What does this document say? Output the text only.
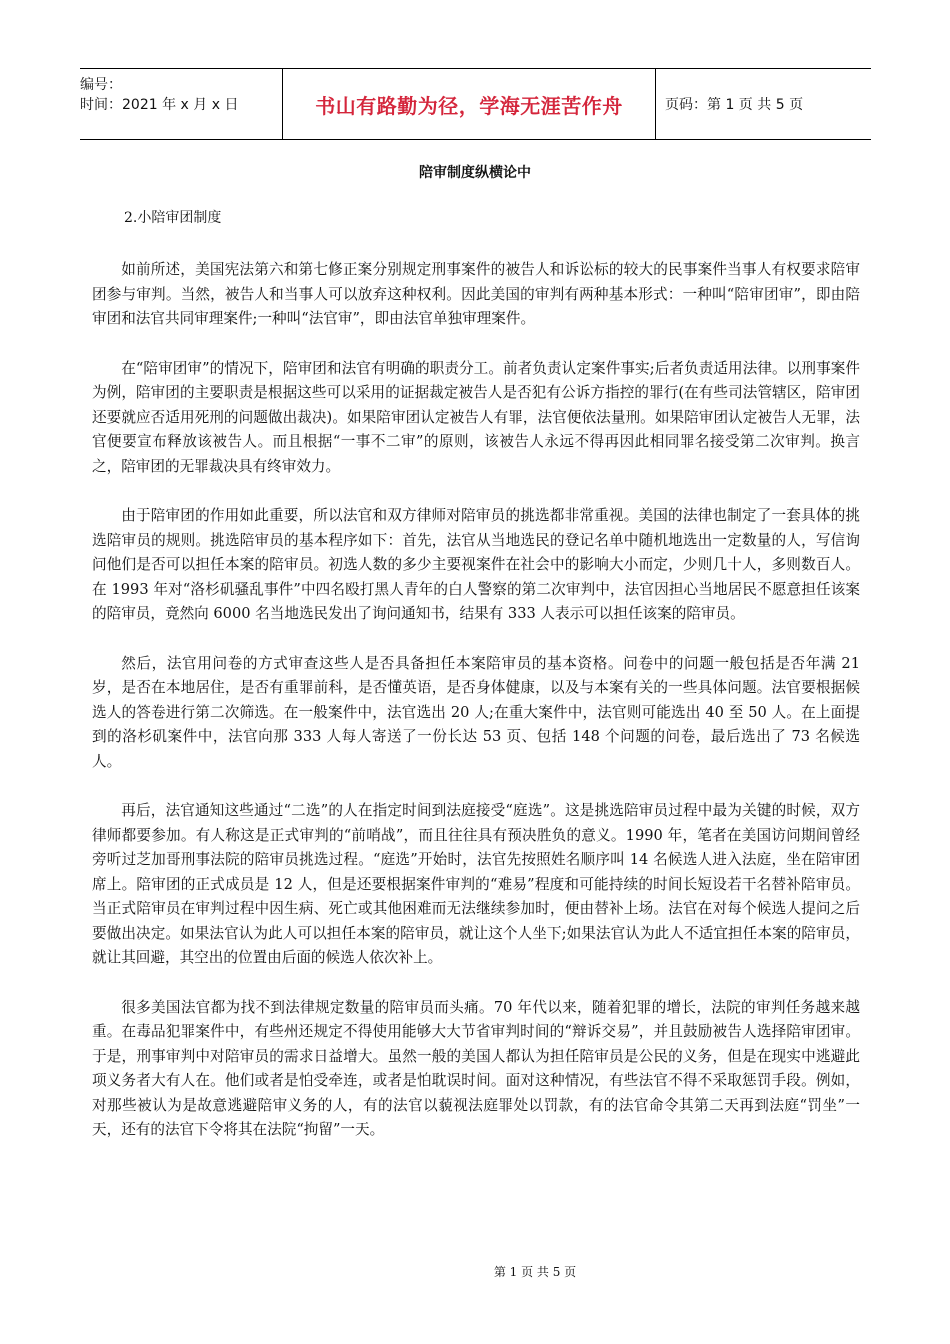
编号：
时间：2021 年 x 月 x 日	书山有路勤为径，学海无涯苦作舟	页码：第 1 页 共 5 页
陪审制度纵横论中
2.小陪审团制度

如前所述，美国宪法第六和第七修正案分别规定刑事案件的被告人和诉讼标的较大的民事案件当事人有权要求陪审团参与审判。当然，被告人和当事人可以放弃这种权利。因此美国的审判有两种基本形式：一种叫“陪审团审”，即由陪审团和法官共同审理案件;一种叫“法官审”，即由法官单独审理案件。

在“陪审团审”的情况下，陪审团和法官有明确的职责分工。前者负责认定案件事实;后者负责适用法律。以刑事案件为例，陪审团的主要职责是根据这些可以采用的证据裁定被告人是否犯有公诉方指控的罪行(在有些司法管辖区，陪审团还要就应否适用死刑的问题做出裁决)。如果陪审团认定被告人有罪，法官便依法量刑。如果陪审团认定被告人无罪，法官便要宣布释放该被告人。而且根据“一事不二审”的原则，该被告人永远不得再因此相同罪名接受第二次审判。换言之，陪审团的无罪裁决具有终审效力。

由于陪审团的作用如此重要，所以法官和双方律师对陪审员的挑选都非常重视。美国的法律也制定了一套具体的挑选陪审员的规则。挑选陪审员的基本程序如下：首先，法官从当地选民的登记名单中随机地选出一定数量的人，写信询问他们是否可以担任本案的陪审员。初选人数的多少主要视案件在社会中的影响大小而定，少则几十人，多则数百人。在 1993 年对“洛杉矶骚乱事件”中四名殴打黑人青年的白人警察的第二次审判中，法官因担心当地居民不愿意担任该案的陪审员，竟然向 6000 名当地选民发出了询问通知书，结果有 333 人表示可以担任该案的陪审员。

然后，法官用问卷的方式审查这些人是否具备担任本案陪审员的基本资格。问卷中的问题一般包括是否年满 21 岁，是否在本地居住，是否有重罪前科，是否懂英语，是否身体健康，以及与本案有关的一些具体问题。法官要根据候选人的答卷进行第二次筛选。在一般案件中，法官选出 20 人;在重大案件中，法官则可能选出 40 至 50 人。在上面提到的洛杉矶案件中，法官向那 333 人每人寄送了一份长达 53 页、包括 148 个问题的问卷，最后选出了 73 名候选人。

再后，法官通知这些通过“二选”的人在指定时间到法庭接受“庭选”。这是挑选陪审员过程中最为关键的时候，双方律师都要参加。有人称这是正式审判的“前哨战”，而且往往具有预决胜负的意义。1990 年，笔者在美国访问期间曾经旁听过芝加哥刑事法院的陪审员挑选过程。“庭选”开始时，法官先按照姓名顺序叫 14 名候选人进入法庭，坐在陪审团席上。陪审团的正式成员是 12 人，但是还要根据案件审判的“难易”程度和可能持续的时间长短设若干名替补陪审员。当正式陪审员在审判过程中因生病、死亡或其他困难而无法继续参加时，便由替补上场。法官在对每个候选人提问之后要做出决定。如果法官认为此人可以担任本案的陪审员，就让这个人坐下;如果法官认为此人不适宜担任本案的陪审员，就让其回避，其空出的位置由后面的候选人依次补上。

很多美国法官都为找不到法律规定数量的陪审员而头痛。70 年代以来，随着犯罪的增长，法院的审判任务越来越重。在毒品犯罪案件中，有些州还规定不得使用能够大大节省审判时间的“辩诉交易”，并且鼓励被告人选择陪审团审。于是，刑事审判中对陪审员的需求日益增大。虽然一般的美国人都认为担任陪审员是公民的义务，但是在现实中逃避此项义务者大有人在。他们或者是怕受牵连，或者是怕耽误时间。面对这种情况，有些法官不得不采取惩罚手段。例如，对那些被认为是故意逃避陪审义务的人，有的法官以藐视法庭罪处以罚款，有的法官命令其第二天再到法庭“罚坐”一天，还有的法官下令将其在法院“拘留”一天。

第 1 页 共 5 页
